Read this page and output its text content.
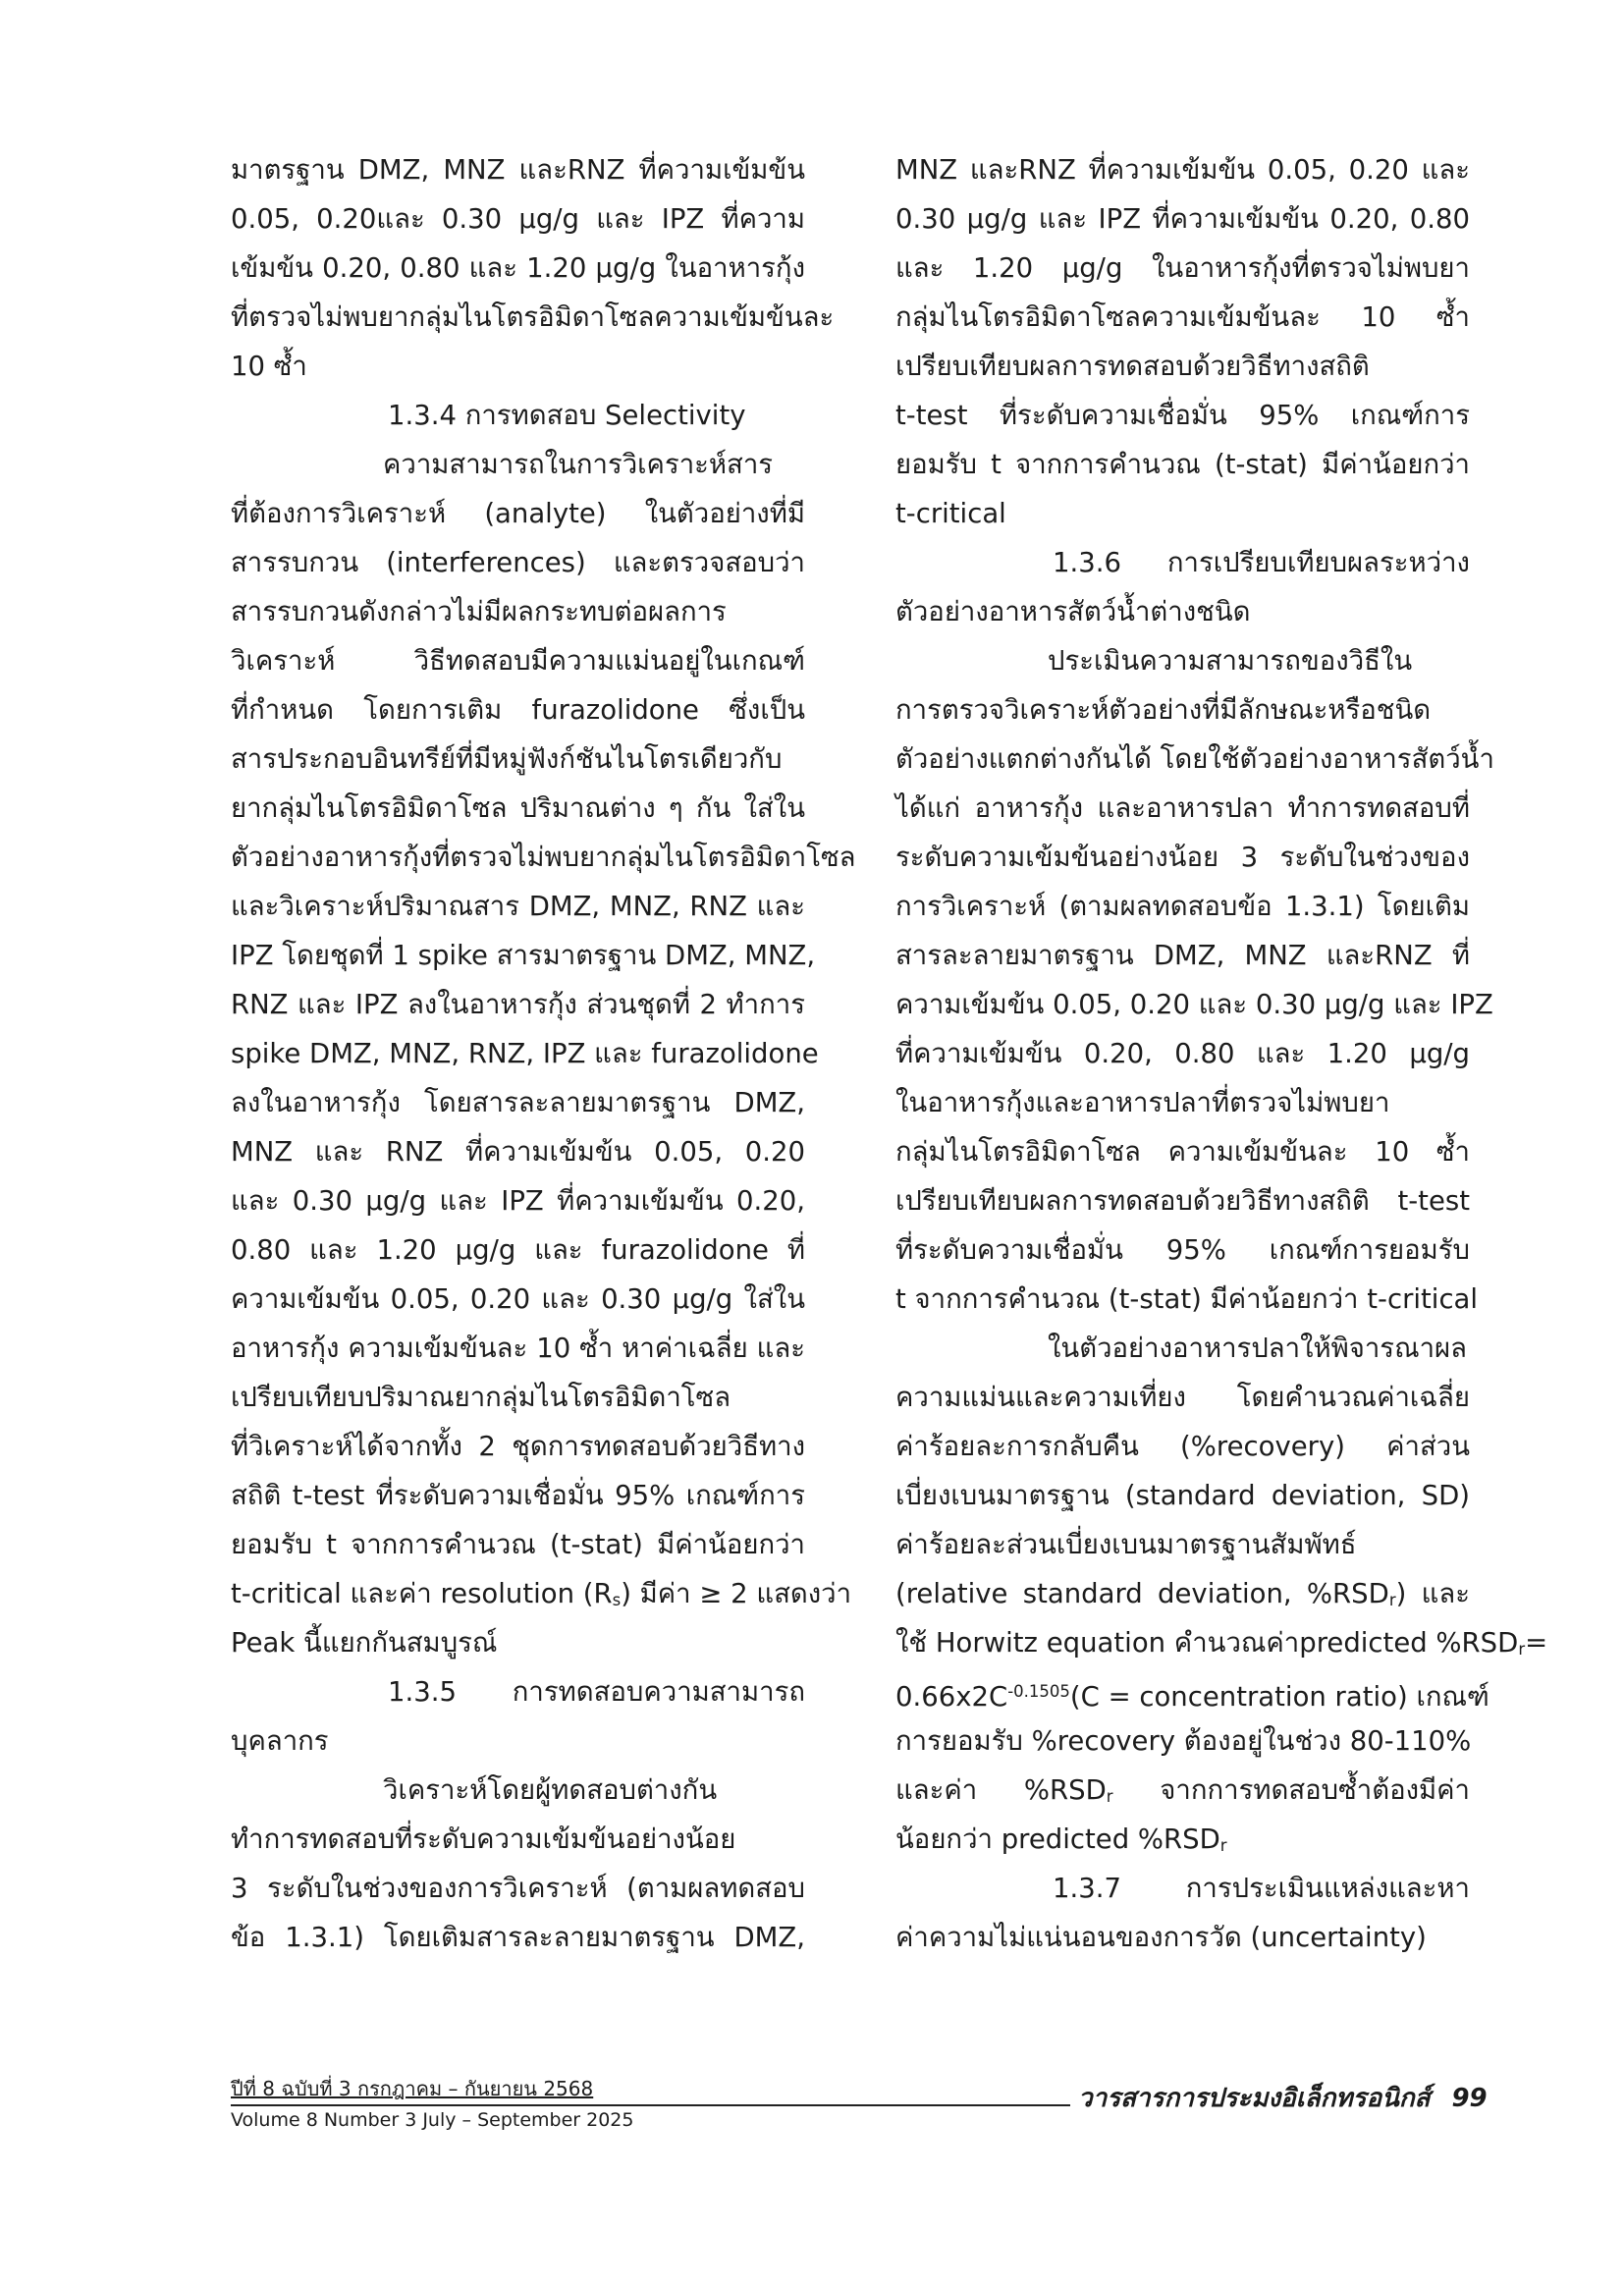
มาตรฐาน DMZ, MNZ และRNZ ที่ความเข้มข้น
0.05, 0.20และ 0.30 µg/g และ IPZ ที่ความ
เข้มข้น 0.20, 0.80 และ 1.20 µg/g ในอาหารกุ้ง
ที่ตรวจไม่พบยากลุ่มไนโตรอิมิดาโซลความเข้มข้นละ
10 ซ้ำ
1.3.4 การทดสอบ Selectivity
ความสามารถในการวิเคราะห์สาร
ที่ต้องการวิเคราะห์ (analyte) ในตัวอย่างที่มี
สารรบกวน (interferences) และตรวจสอบว่า
สารรบกวนดังกล่าวไม่มีผลกระทบต่อผลการ
วิเคราะห์ วิธีทดสอบมีความแม่นอยู่ในเกณฑ์
ที่กำหนด โดยการเติม furazolidone ซึ่งเป็น
สารประกอบอินทรีย์ที่มีหมู่ฟังก์ชันไนโตรเดียวกับ
ยากลุ่มไนโตรอิมิดาโซล ปริมาณต่าง ๆ กัน ใส่ใน
ตัวอย่างอาหารกุ้งที่ตรวจไม่พบยากลุ่มไนโตรอิมิดาโซล
และวิเคราะห์ปริมาณสาร DMZ, MNZ, RNZ และ
IPZ โดยชุดที่ 1 spike สารมาตรฐาน DMZ, MNZ,
RNZ และ IPZ ลงในอาหารกุ้ง ส่วนชุดที่ 2 ทำการ
spike DMZ, MNZ, RNZ, IPZ และ furazolidone
ลงในอาหารกุ้ง โดยสารละลายมาตรฐาน DMZ,
MNZ และ RNZ ที่ความเข้มข้น 0.05, 0.20
และ 0.30 µg/g และ IPZ ที่ความเข้มข้น 0.20,
0.80 และ 1.20 µg/g และ furazolidone ที่
ความเข้มข้น 0.05, 0.20 และ 0.30 µg/g ใส่ใน
อาหารกุ้ง ความเข้มข้นละ 10 ซ้ำ หาค่าเฉลี่ย และ
เปรียบเทียบปริมาณยากลุ่มไนโตรอิมิดาโซล
ที่วิเคราะห์ได้จากทั้ง 2 ชุดการทดสอบด้วยวิธีทาง
สถิติ t-test ที่ระดับความเชื่อมั่น 95% เกณฑ์การ
ยอมรับ t จากการคำนวณ (t-stat) มีค่าน้อยกว่า
t-critical และค่า resolution $(R_s)$ มีค่า ≥ 2 แสดงว่า
Peak นี้แยกกันสมบูรณ์
1.3.5 การทดสอบความสามารถ
บุคลากร
วิเคราะห์โดยผู้ทดสอบต่างกัน
ทำการทดสอบที่ระดับความเข้มข้นอย่างน้อย
3 ระดับในช่วงของการวิเคราะห์ (ตามผลทดสอบ
ข้อ 1.3.1) โดยเติมสารละลายมาตรฐาน DMZ,
MNZ และRNZ ที่ความเข้มข้น 0.05, 0.20 และ
0.30 µg/g และ IPZ ที่ความเข้มข้น 0.20, 0.80
และ 1.20 µg/g ในอาหารกุ้งที่ตรวจไม่พบยา
กลุ่มไนโตรอิมิดาโซลความเข้มข้นละ 10 ซ้ำ
เปรียบเทียบผลการทดสอบด้วยวิธีทางสถิติ
t-test ที่ระดับความเชื่อมั่น 95% เกณฑ์การ
ยอมรับ t จากการคำนวณ (t-stat) มีค่าน้อยกว่า
t-critical
1.3.6 การเปรียบเทียบผลระหว่าง
ตัวอย่างอาหารสัตว์น้ำต่างชนิด
ประเมินความสามารถของวิธีใน
การตรวจวิเคราะห์ตัวอย่างที่มีลักษณะหรือชนิด
ตัวอย่างแตกต่างกันได้ โดยใช้ตัวอย่างอาหารสัตว์น้ำ
ได้แก่ อาหารกุ้ง และอาหารปลา ทำการทดสอบที่
ระดับความเข้มข้นอย่างน้อย 3 ระดับในช่วงของ
การวิเคราะห์ (ตามผลทดสอบข้อ 1.3.1) โดยเติม
สารละลายมาตรฐาน DMZ, MNZ และRNZ ที่
ความเข้มข้น 0.05, 0.20 และ 0.30 µg/g และ IPZ
ที่ความเข้มข้น 0.20, 0.80 และ 1.20 µg/g
ในอาหารกุ้งและอาหารปลาที่ตรวจไม่พบยา
กลุ่มไนโตรอิมิดาโซล ความเข้มข้นละ 10 ซ้ำ
เปรียบเทียบผลการทดสอบด้วยวิธีทางสถิติ t-test
ที่ระดับความเชื่อมั่น 95% เกณฑ์การยอมรับ
t จากการคำนวณ (t-stat) มีค่าน้อยกว่า t-critical
ในตัวอย่างอาหารปลาให้พิจารณาผล
ความแม่นและความเที่ยง โดยคำนวณค่าเฉลี่ย
ค่าร้อยละการกลับคืน (%recovery) ค่าส่วน
เบี่ยงเบนมาตรฐาน (standard deviation, SD)
ค่าร้อยละส่วนเบี่ยงเบนมาตรฐานสัมพัทธ์
(relative standard deviation, $\%RSD_r$) และ
ใช้ Horwitz equation คำนวณค่าpredicted $\%RSD_r=$
$0.66x2C^{-0.1505}(C$ = concentration ratio) เกณฑ์
การยอมรับ %recovery ต้องอยู่ในช่วง 80-110%
และค่า $\%RSD_r$ จากการทดสอบซ้ำต้องมีค่า
น้อยกว่า predicted $\%RSD_r$
1.3.7 การประเมินแหล่งและหา
ค่าความไม่แน่นอนของการวัด (uncertainty)
ปีที่ 8 ฉบับที่ 3 กรกฎาคม – กันยายน 2568
Volume 8 Number 3 July – September 2025
วารสารการประมงอิเล็กทรอนิกส์ 99
